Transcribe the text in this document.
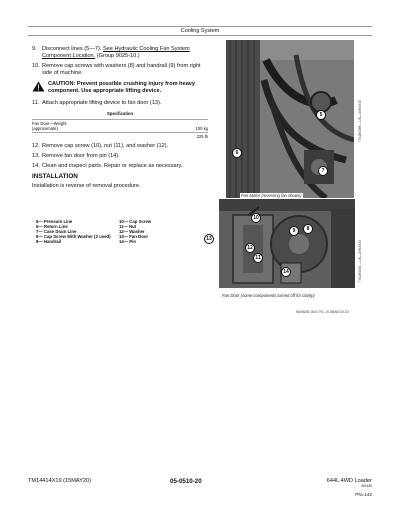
Cooling System
9. Disconnect lines (5—7). See Hydraulic Cooling Fan System Component Location. (Group 9025-10.)
10. Remove cap screws with washers (8) and handrail (9) from right side of machine.
CAUTION: Prevent possible crushing injury from heavy component. Use appropriate lifting device.
11. Attach appropriate lifting device to fan door (13).
Specification
Fan Door—Weight
(approximate)	100 kg
225 lb
12. Remove cap screw (10), nut (11), and washer (12).
13. Remove fan door from pin (14).
14. Clean and inspect parts. Repair or replace as necessary.
INSTALLATION
Installation is reverse of removal procedure.
5— Pressure Line
6— Return Line
7— Case Drain Line
8— Cap Screw With Washer (2 used)
9— Handrail
10— Cap Screw
11— Nut
12— Washer
13— Fan Door
14— Pin
5
6
7
Fan Motor (reversing fan shown)
TX1284086 —UN—09MAY20
10
9	8
12
11
14
13
Fan Door (some components turned off for clarity)
TX1284064 —UN—09MAY20
NM68251,00017F3 -19-05MAY20-2/2
TM14414X19 (15MAY20)	05-0510-20	644L 4WD Loader
061620
PN=142
